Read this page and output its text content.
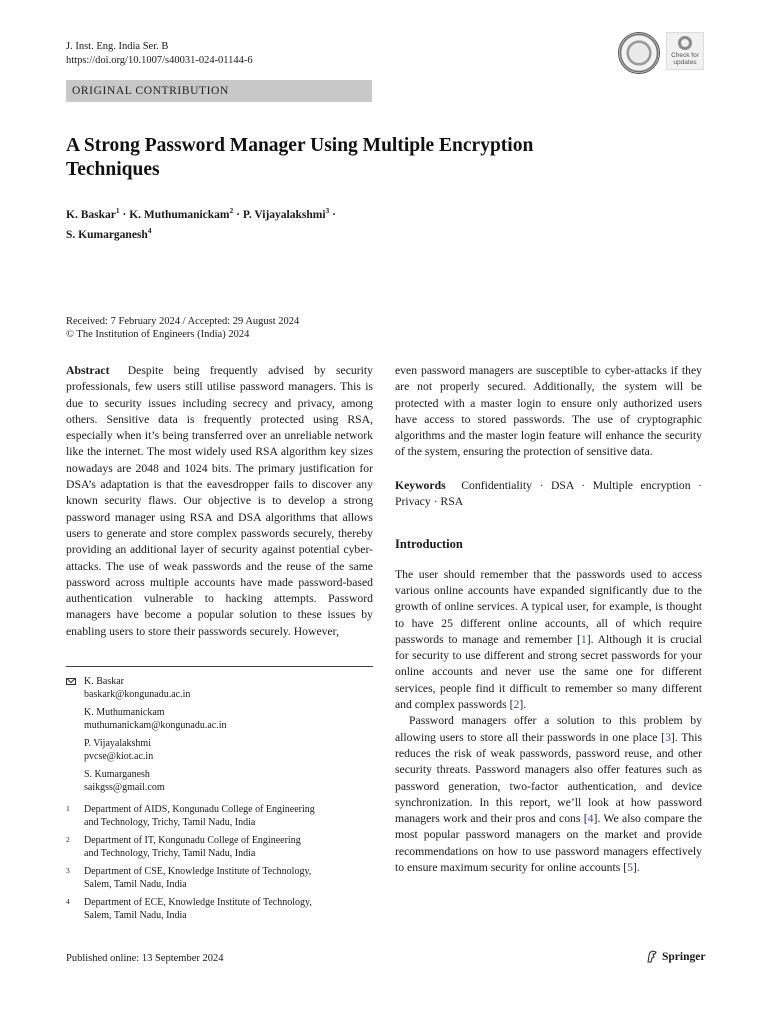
J. Inst. Eng. India Ser. B
https://doi.org/10.1007/s40031-024-01144-6	Check for
updates
ORIGINAL CONTRIBUTION
A Strong Password Manager Using Multiple Encryption Techniques
K. Baskar$^1$ · K. Muthumanickam$^2$ · P. Vijayalakshmi$^3$ ·
S. Kumarganesh$^4$
Received: 7 February 2024 / Accepted: 29 August 2024
© The Institution of Engineers (India) 2024

Abstract Despite being frequently advised by security professionals, few users still utilise password managers. This is due to security issues including secrecy and privacy, among others. Sensitive data is frequently protected using RSA, especially when it’s being transferred over an unreliable network like the internet. The most widely used RSA algorithm key sizes nowadays are 2048 and 1024 bits. The primary justification for DSA’s adaptation is that the eavesdropper fails to discover any known security flaws. Our objective is to develop a strong password manager using RSA and DSA algorithms that allows users to generate and store complex passwords securely, thereby providing an additional layer of security against potential cyber-attacks. The use of weak passwords and the reuse of the same password across multiple accounts have made password-based authentication vulnerable to hacking attempts. Password managers have become a popular solution to these issues by enabling users to store their passwords securely. However,

K. Baskar
baskark@kongunadu.ac.in
K. Muthumanickam
muthumanickam@kongunadu.ac.in
P. Vijayalakshmi
pvcse@kiot.ac.in
S. Kumarganesh
saikgss@gmail.com
1	Department of AIDS, Kongunadu College of Engineering
and Technology, Trichy, Tamil Nadu, India
2	Department of IT, Kongunadu College of Engineering
and Technology, Trichy, Tamil Nadu, India
3	Department of CSE, Knowledge Institute of Technology,
Salem, Tamil Nadu, India
4	Department of ECE, Knowledge Institute of Technology,
Salem, Tamil Nadu, India

even password managers are susceptible to cyber-attacks if they are not properly secured. Additionally, the system will be protected with a master login to ensure only authorized users have access to stored passwords. The use of cryptographic algorithms and the master login feature will enhance the security of the system, ensuring the protection of sensitive data.

Keywords Confidentiality · DSA · Multiple encryption · Privacy · RSA

Introduction

The user should remember that the passwords used to access various online accounts have expanded significantly due to the growth of online services. A typical user, for example, is thought to have 25 different online accounts, all of which require passwords to manage and remember [1]. Although it is crucial for security to use different and strong secret passwords for your online accounts and never use the same one for different services, people find it difficult to remember so many different and complex passwords [2].

Password managers offer a solution to this problem by allowing users to store all their passwords in one place [3]. This reduces the risk of weak passwords, password reuse, and other security threats. Password managers also offer features such as password generation, two-factor authentication, and device synchronization. In this report, we’ll look at how password managers work and their pros and cons [4]. We also compare the most popular password managers on the market and provide recommendations on how to use password managers effectively to ensure maximum security for online accounts [5].

Published online: 13 September 2024	Springer
